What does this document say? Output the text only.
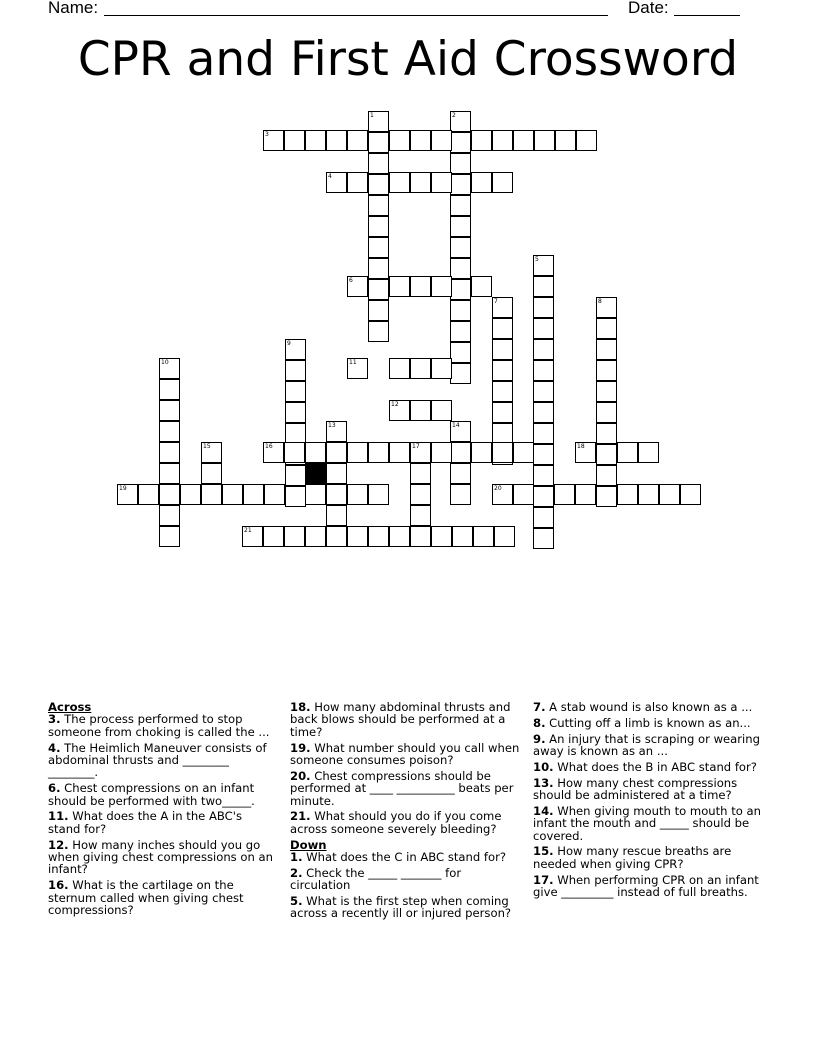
Name:	Date:
CPR and First Aid Crossword
1	2
3
4
6
11
12
5
7	8
9
10
13	14
16	17	18
15
19	20
21

Across

3. The process performed to stop someone from choking is called the ...

4. The Heimlich Maneuver consists of abdominal thrusts and ________ ________.

6. Chest compressions on an infant should be performed with two_____.

11. What does the A in the ABC's stand for?

12. How many inches should you go when giving chest compressions on an infant?

16. What is the cartilage on the sternum called when giving chest compressions?

18. How many abdominal thrusts and back blows should be performed at a time?

19. What number should you call when someone consumes poison?

20. Chest compressions should be performed at ____ __________ beats per minute.

21. What should you do if you come across someone severely bleeding?

Down

1. What does the C in ABC stand for?

2. Check the _____ _______ for circulation

5. What is the first step when coming across a recently ill or injured person?

7. A stab wound is also known as a ...

8. Cutting off a limb is known as an...

9. An injury that is scraping or wearing away is known as an ...

10. What does the B in ABC stand for?

13. How many chest compressions should be administered at a time?

14. When giving mouth to mouth to an infant the mouth and _____ should be covered.

15. How many rescue breaths are needed when giving CPR?

17. When performing CPR on an infant give _________ instead of full breaths.
